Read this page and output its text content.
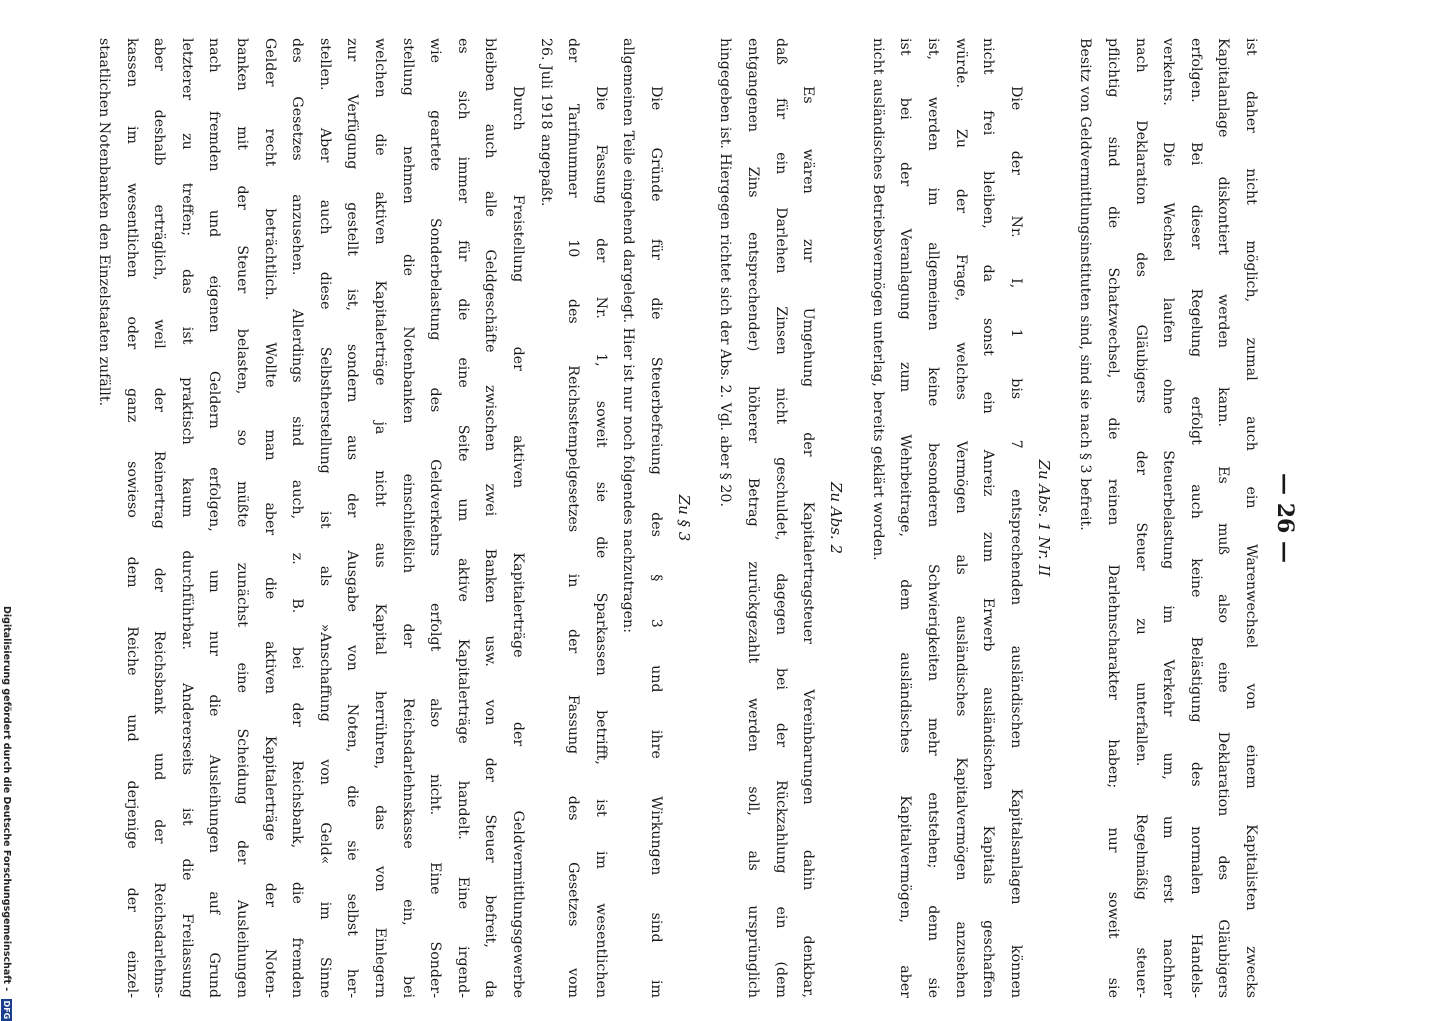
— 26 —
ist daher nicht möglich, zumal auch ein Warenwechsel von einem Kapitalisten zwecks
Kapitalanlage diskontiert werden kann. Es muß also eine Deklaration des Gläubigers
erfolgen. Bei dieser Regelung erfolgt auch keine Belästigung des normalen Handels-
verkehrs. Die Wechsel laufen ohne Steuerbelastung im Verkehr um, um erst nachher
nach Deklaration des Gläubigers der Steuer zu unterfallen. Regelmäßig steuer-
pflichtig sind die Schatzwechsel, die reinen Darlehnscharakter haben; nur soweit sie
Besitz von Geldvermittlungsinstituten sind, sind sie nach § 3 befreit.
Zu Abs. 1 Nr. II
Die der Nr. I, 1 bis 7 entsprechenden ausländischen Kapitalsanlagen können
nicht frei bleiben, da sonst ein Anreiz zum Erwerb ausländischen Kapitals geschaffen
würde. Zu der Frage, welches Vermögen als ausländisches Kapitalvermögen anzusehen
ist, werden im allgemeinen keine besonderen Schwierigkeiten mehr entstehen; denn sie
ist bei der Veranlagung zum Wehrbeitrage, dem ausländisches Kapitalvermögen, aber
nicht ausländisches Betriebsvermögen unterlag, bereits geklärt worden.
Zu Abs. 2
Es wären zur Umgehung der Kapitalertragsteuer Vereinbarungen dahin denkbar,
daß für ein Darlehen Zinsen nicht geschuldet, dagegen bei der Rückzahlung ein (dem
entgangenen Zins entsprechender) höherer Betrag zurückgezahlt werden soll, als ursprünglich
hingegeben ist. Hiergegen richtet sich der Abs. 2. Vgl. aber § 20.
Zu § 3
Die Gründe für die Steuerbefreiung des § 3 und ihre Wirkungen sind im
allgemeinen Teile eingehend dargelegt. Hier ist nur noch folgendes nachzutragen:
Die Fassung der Nr. 1, soweit sie die Sparkassen betrifft, ist im wesentlichen
der Tarifnummer 10 des Reichsstempelgesetzes in der Fassung des Gesetzes vom
26. Juli 1918 angepaßt.
Durch Freistellung der aktiven Kapitalerträge der Geldvermittlungsgewerbe
bleiben auch alle Geldgeschäfte zwischen zwei Banken usw. von der Steuer befreit, da
es sich immer für die eine Seite um aktive Kapitalerträge handelt. Eine irgend-
wie geartete Sonderbelastung des Geldverkehrs erfolgt also nicht. Eine Sonder-
stellung nehmen die Notenbanken einschließlich der Reichsdarlehnskasse ein, bei
welchen die aktiven Kapitalerträge ja nicht aus Kapital herrühren, das von Einlegern
zur Verfügung gestellt ist, sondern aus der Ausgabe von Noten, die sie selbst her-
stellen. Aber auch diese Selbstherstellung ist als »Anschaffung von Geld« im Sinne
des Gesetzes anzusehen. Allerdings sind auch, z. B. bei der Reichsbank, die fremden
Gelder recht beträchtlich. Wollte man aber die aktiven Kapitalerträge der Noten-
banken mit der Steuer belasten, so müßte zunächst eine Scheidung der Ausleihungen
nach fremden und eigenen Geldern erfolgen, um nur die Ausleihungen auf Grund
letzterer zu treffen; das ist praktisch kaum durchführbar. Andererseits ist die Freilassung
aber deshalb erträglich, weil der Reinertrag der Reichsbank und der Reichsdarlehns-
kassen im wesentlichen oder ganz sowieso dem Reiche und derjenige der einzel-
staatlichen Notenbanken den Einzelstaaten zufällt.
Digitalisierung gefördert durch die Deutsche Forschungsgemeinschaft - DFG
